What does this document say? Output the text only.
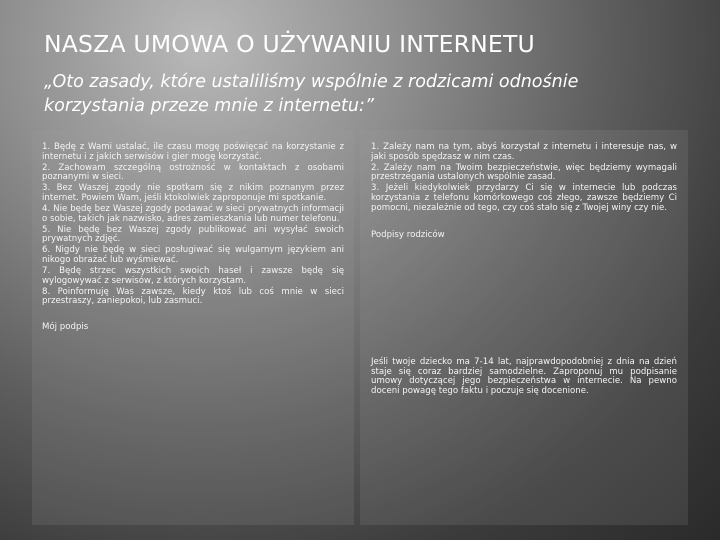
NASZA UMOWA O UŻYWANIU INTERNETU
„Oto zasady, które ustaliliśmy wspólnie z rodzicami odnośnie korzystania przeze mnie z internetu:”
1. Będę z Wami ustalać, ile czasu mogę poświęcać na korzystanie z internetu i z jakich serwisów i gier mogę korzystać.
2. Zachowam szczególną ostrożność w kontaktach z osobami poznanymi w sieci.
3. Bez Waszej zgody nie spotkam się z nikim poznanym przez internet. Powiem Wam, jeśli ktokolwiek zaproponuje mi spotkanie.
4. Nie będę bez Waszej zgody podawać w sieci prywatnych informacji o sobie, takich jak nazwisko, adres zamieszkania lub numer telefonu.
5. Nie będę bez Waszej zgody publikować ani wysyłać swoich prywatnych zdjęć.
6. Nigdy nie będę w sieci posługiwać się wulgarnym językiem ani nikogo obrażać lub wyśmiewać.
7. Będę strzec wszystkich swoich haseł i zawsze będę się wylogowywać z serwisów, z których korzystam.
8. Poinformuję Was zawsze, kiedy ktoś lub coś mnie w sieci przestraszy, zaniepokoi, lub zasmuci.
Mój podpis
1. Zależy nam na tym, abyś korzystał z internetu i interesuje nas, w jaki sposób spędzasz w nim czas.
2. Zależy nam na Twoim bezpieczeństwie, więc będziemy wymagali przestrzegania ustalonych wspólnie zasad.
3. Jeżeli kiedykolwiek przydarzy Ci się w internecie lub podczas korzystania z telefonu komórkowego coś złego, zawsze będziemy Ci pomocni, niezależnie od tego, czy coś stało się z Twojej winy czy nie.
Podpisy rodziców
Jeśli twoje dziecko ma 7-14 lat, najprawdopodobniej z dnia na dzień staje się coraz bardziej samodzielne. Zaproponuj mu podpisanie umowy dotyczącej jego bezpieczeństwa w internecie. Na pewno doceni powagę tego faktu i poczuje się docenione.
